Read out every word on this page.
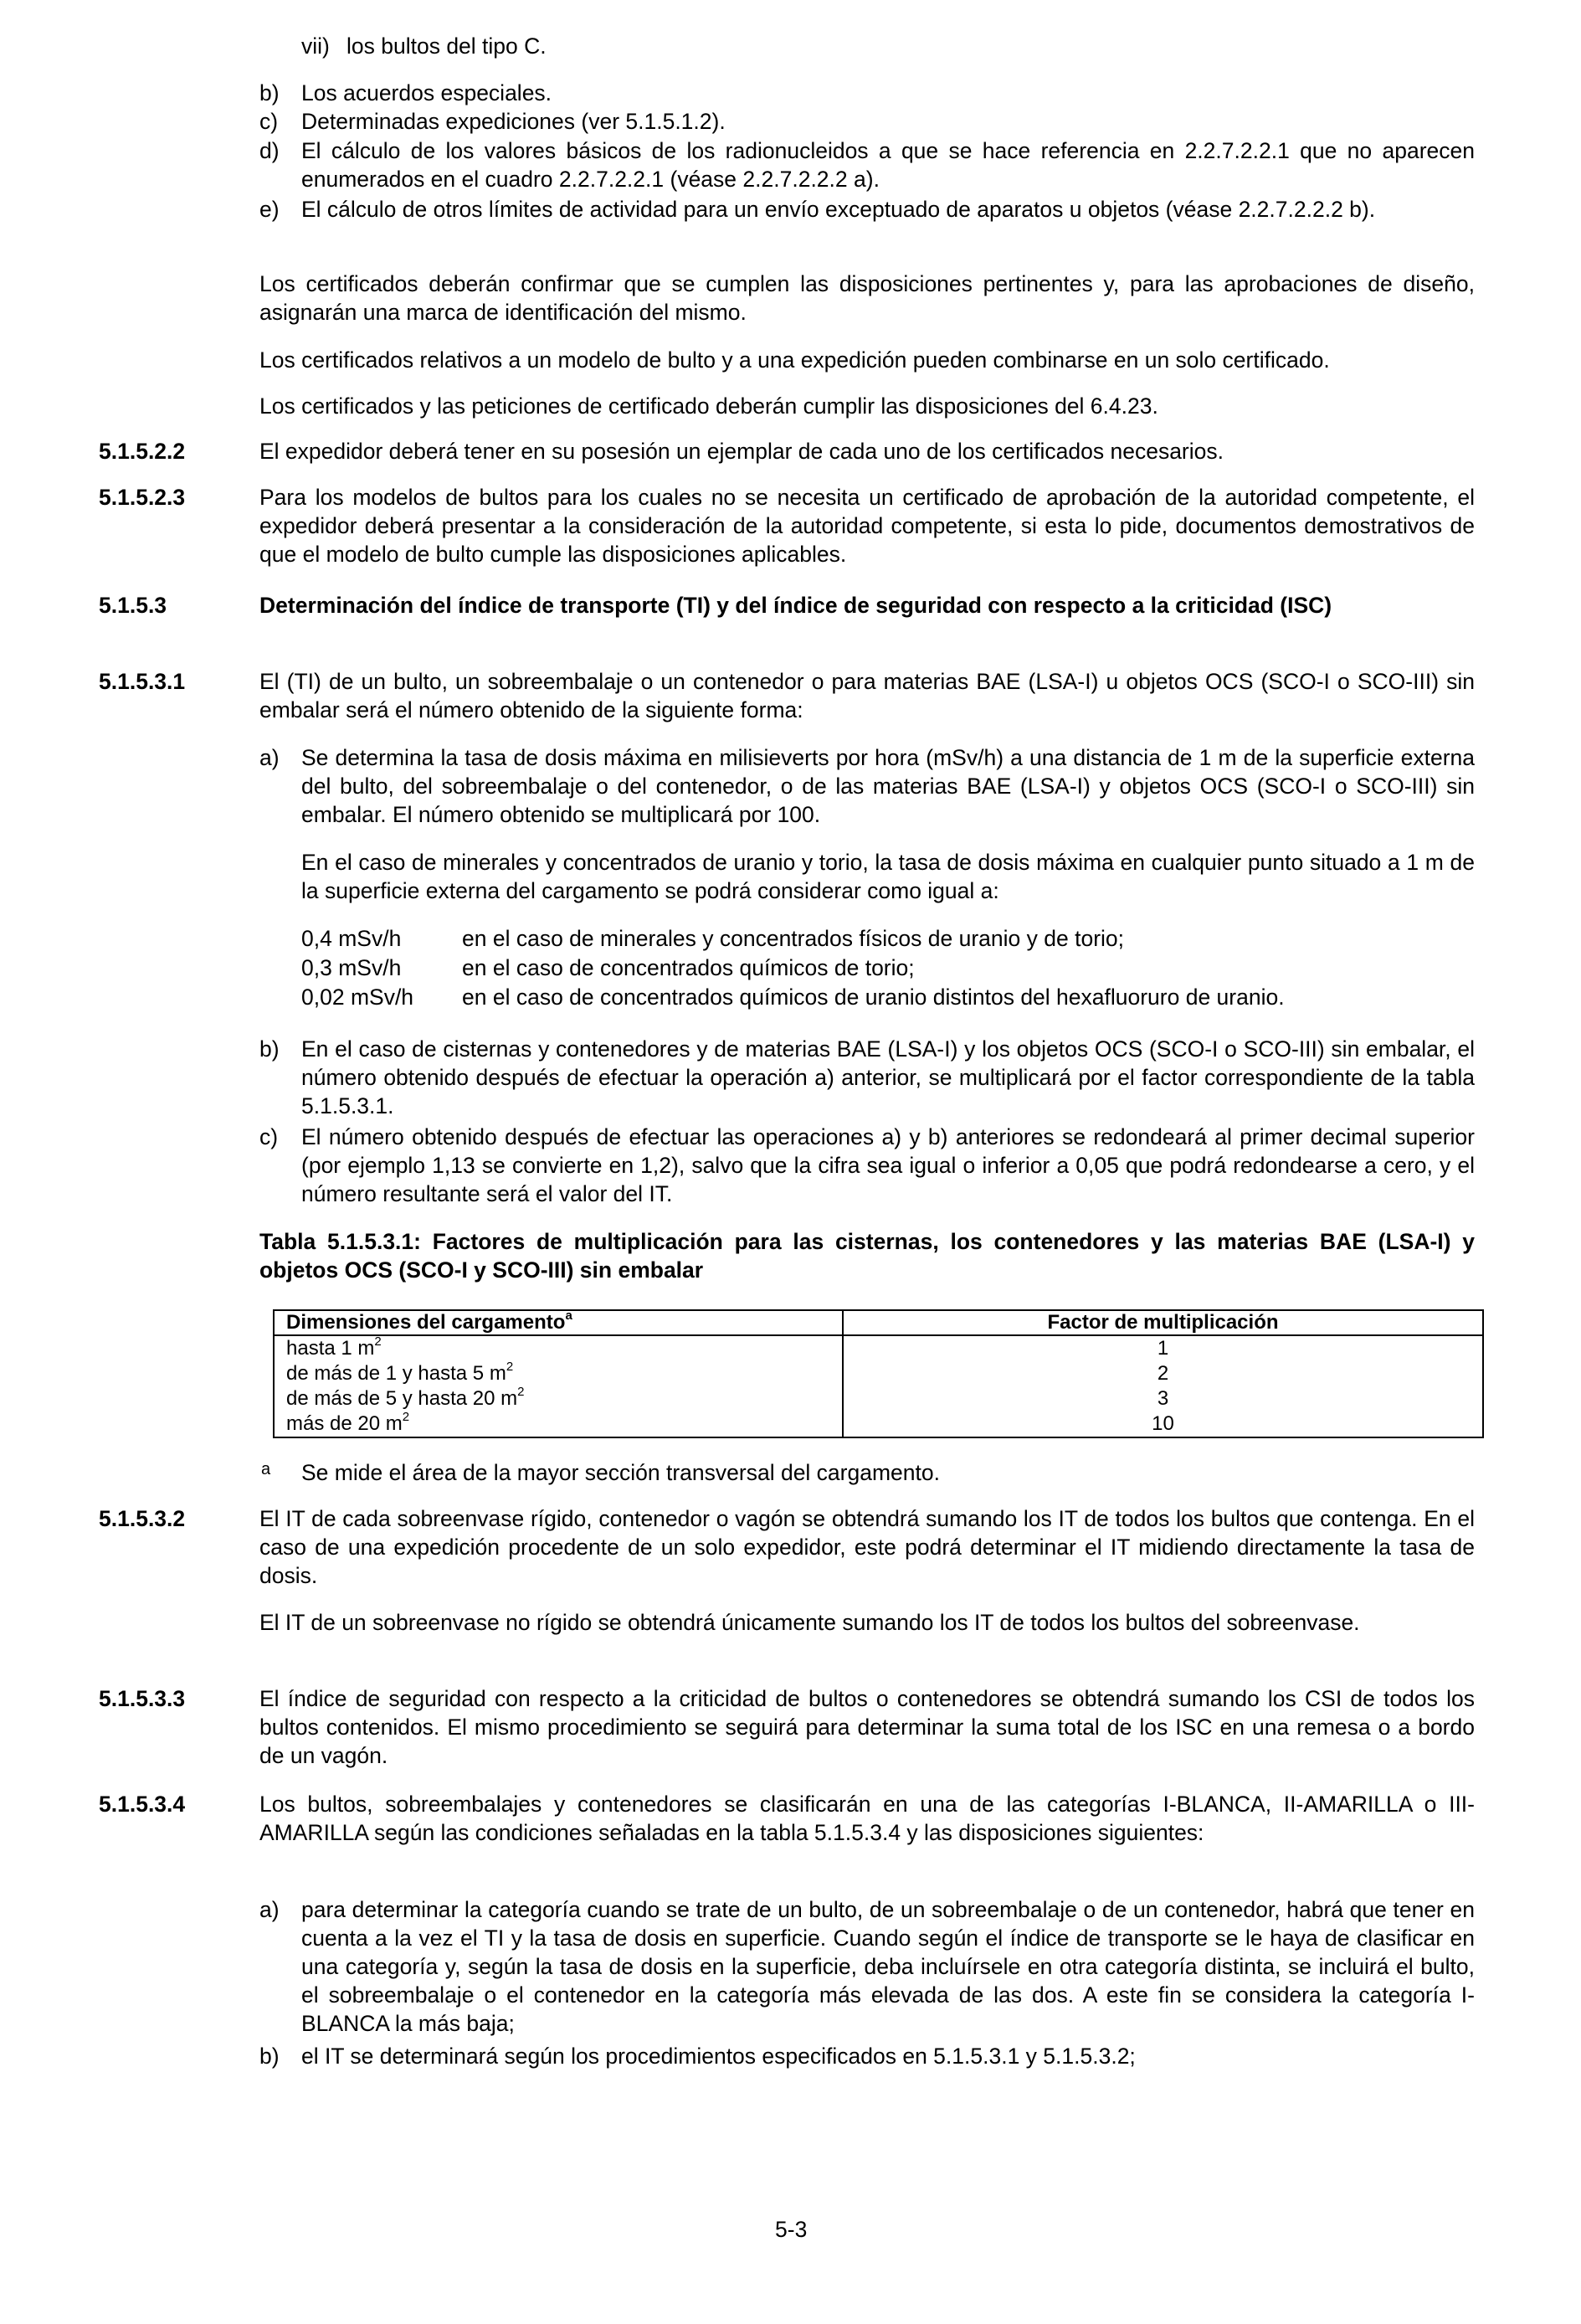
vii) los bultos del tipo C.
b) Los acuerdos especiales.
c) Determinadas expediciones (ver 5.1.5.1.2).
d) El cálculo de los valores básicos de los radionucleidos a que se hace referencia en 2.2.7.2.2.1 que no aparecen enumerados en el cuadro 2.2.7.2.2.1 (véase 2.2.7.2.2.2 a).
e) El cálculo de otros límites de actividad para un envío exceptuado de aparatos u objetos (véase 2.2.7.2.2.2 b).
Los certificados deberán confirmar que se cumplen las disposiciones pertinentes y, para las aprobaciones de diseño, asignarán una marca de identificación del mismo.
Los certificados relativos a un modelo de bulto y a una expedición pueden combinarse en un solo certificado.
Los certificados y las peticiones de certificado deberán cumplir las disposiciones del 6.4.23.
5.1.5.2.2	El expedidor deberá tener en su posesión un ejemplar de cada uno de los certificados necesarios.
5.1.5.2.3	Para los modelos de bultos para los cuales no se necesita un certificado de aprobación de la autoridad competente, el expedidor deberá presentar a la consideración de la autoridad competente, si esta lo pide, documentos demostrativos de que el modelo de bulto cumple las disposiciones aplicables.
5.1.5.3	Determinación del índice de transporte (TI) y del índice de seguridad con respecto a la criticidad (ISC)
5.1.5.3.1	El (TI) de un bulto, un sobreembalaje o un contenedor o para materias BAE (LSA-I) u objetos OCS (SCO-I o SCO-III) sin embalar será el número obtenido de la siguiente forma:
a) Se determina la tasa de dosis máxima en milisieverts por hora (mSv/h) a una distancia de 1 m de la superficie externa del bulto, del sobreembalaje o del contenedor, o de las materias BAE (LSA-I) y objetos OCS (SCO-I o SCO-III) sin embalar. El número obtenido se multiplicará por 100.
En el caso de minerales y concentrados de uranio y torio, la tasa de dosis máxima en cualquier punto situado a 1 m de la superficie externa del cargamento se podrá considerar como igual a:
0,4 mSv/h	en el caso de minerales y concentrados físicos de uranio y de torio;
0,3 mSv/h	en el caso de concentrados químicos de torio;
0,02 mSv/h en el caso de concentrados químicos de uranio distintos del hexafluoruro de uranio.
b) En el caso de cisternas y contenedores y de materias BAE (LSA-I) y los objetos OCS (SCO-I o SCO-III) sin embalar, el número obtenido después de efectuar la operación a) anterior, se multiplicará por el factor correspondiente de la tabla 5.1.5.3.1.
c) El número obtenido después de efectuar las operaciones a) y b) anteriores se redondeará al primer decimal superior (por ejemplo 1,13 se convierte en 1,2), salvo que la cifra sea igual o inferior a 0,05 que podrá redondearse a cero, y el número resultante será el valor del IT.
Tabla 5.1.5.3.1: Factores de multiplicación para las cisternas, los contenedores y las materias BAE (LSA-I) y objetos OCS (SCO-I y SCO-III) sin embalar
Dimensiones del cargamento$^a$	Factor de multiplicación
hasta 1 $m^2$	1
de más de 1 y hasta 5 $m^2$	2
de más de 5 y hasta 20 $m^2$	3
más de 20 $m^2$	10
a Se mide el área de la mayor sección transversal del cargamento.
5.1.5.3.2	El IT de cada sobreenvase rígido, contenedor o vagón se obtendrá sumando los IT de todos los bultos que contenga. En el caso de una expedición procedente de un solo expedidor, este podrá determinar el IT midiendo directamente la tasa de dosis.
El IT de un sobreenvase no rígido se obtendrá únicamente sumando los IT de todos los bultos del sobreenvase.
5.1.5.3.3	El índice de seguridad con respecto a la criticidad de bultos o contenedores se obtendrá sumando los CSI de todos los bultos contenidos. El mismo procedimiento se seguirá para determinar la suma total de los ISC en una remesa o a bordo de un vagón.
5.1.5.3.4	Los bultos, sobreembalajes y contenedores se clasificarán en una de las categorías I-BLANCA, II-AMARILLA o III-AMARILLA según las condiciones señaladas en la tabla 5.1.5.3.4 y las disposiciones siguientes:
a) para determinar la categoría cuando se trate de un bulto, de un sobreembalaje o de un contenedor, habrá que tener en cuenta a la vez el TI y la tasa de dosis en superficie. Cuando según el índice de transporte se le haya de clasificar en una categoría y, según la tasa de dosis en la superficie, deba incluírsele en otra categoría distinta, se incluirá el bulto, el sobreembalaje o el contenedor en la categoría más elevada de las dos. A este fin se considera la categoría I-BLANCA la más baja;
b) el IT se determinará según los procedimientos especificados en 5.1.5.3.1 y 5.1.5.3.2;
5-3
